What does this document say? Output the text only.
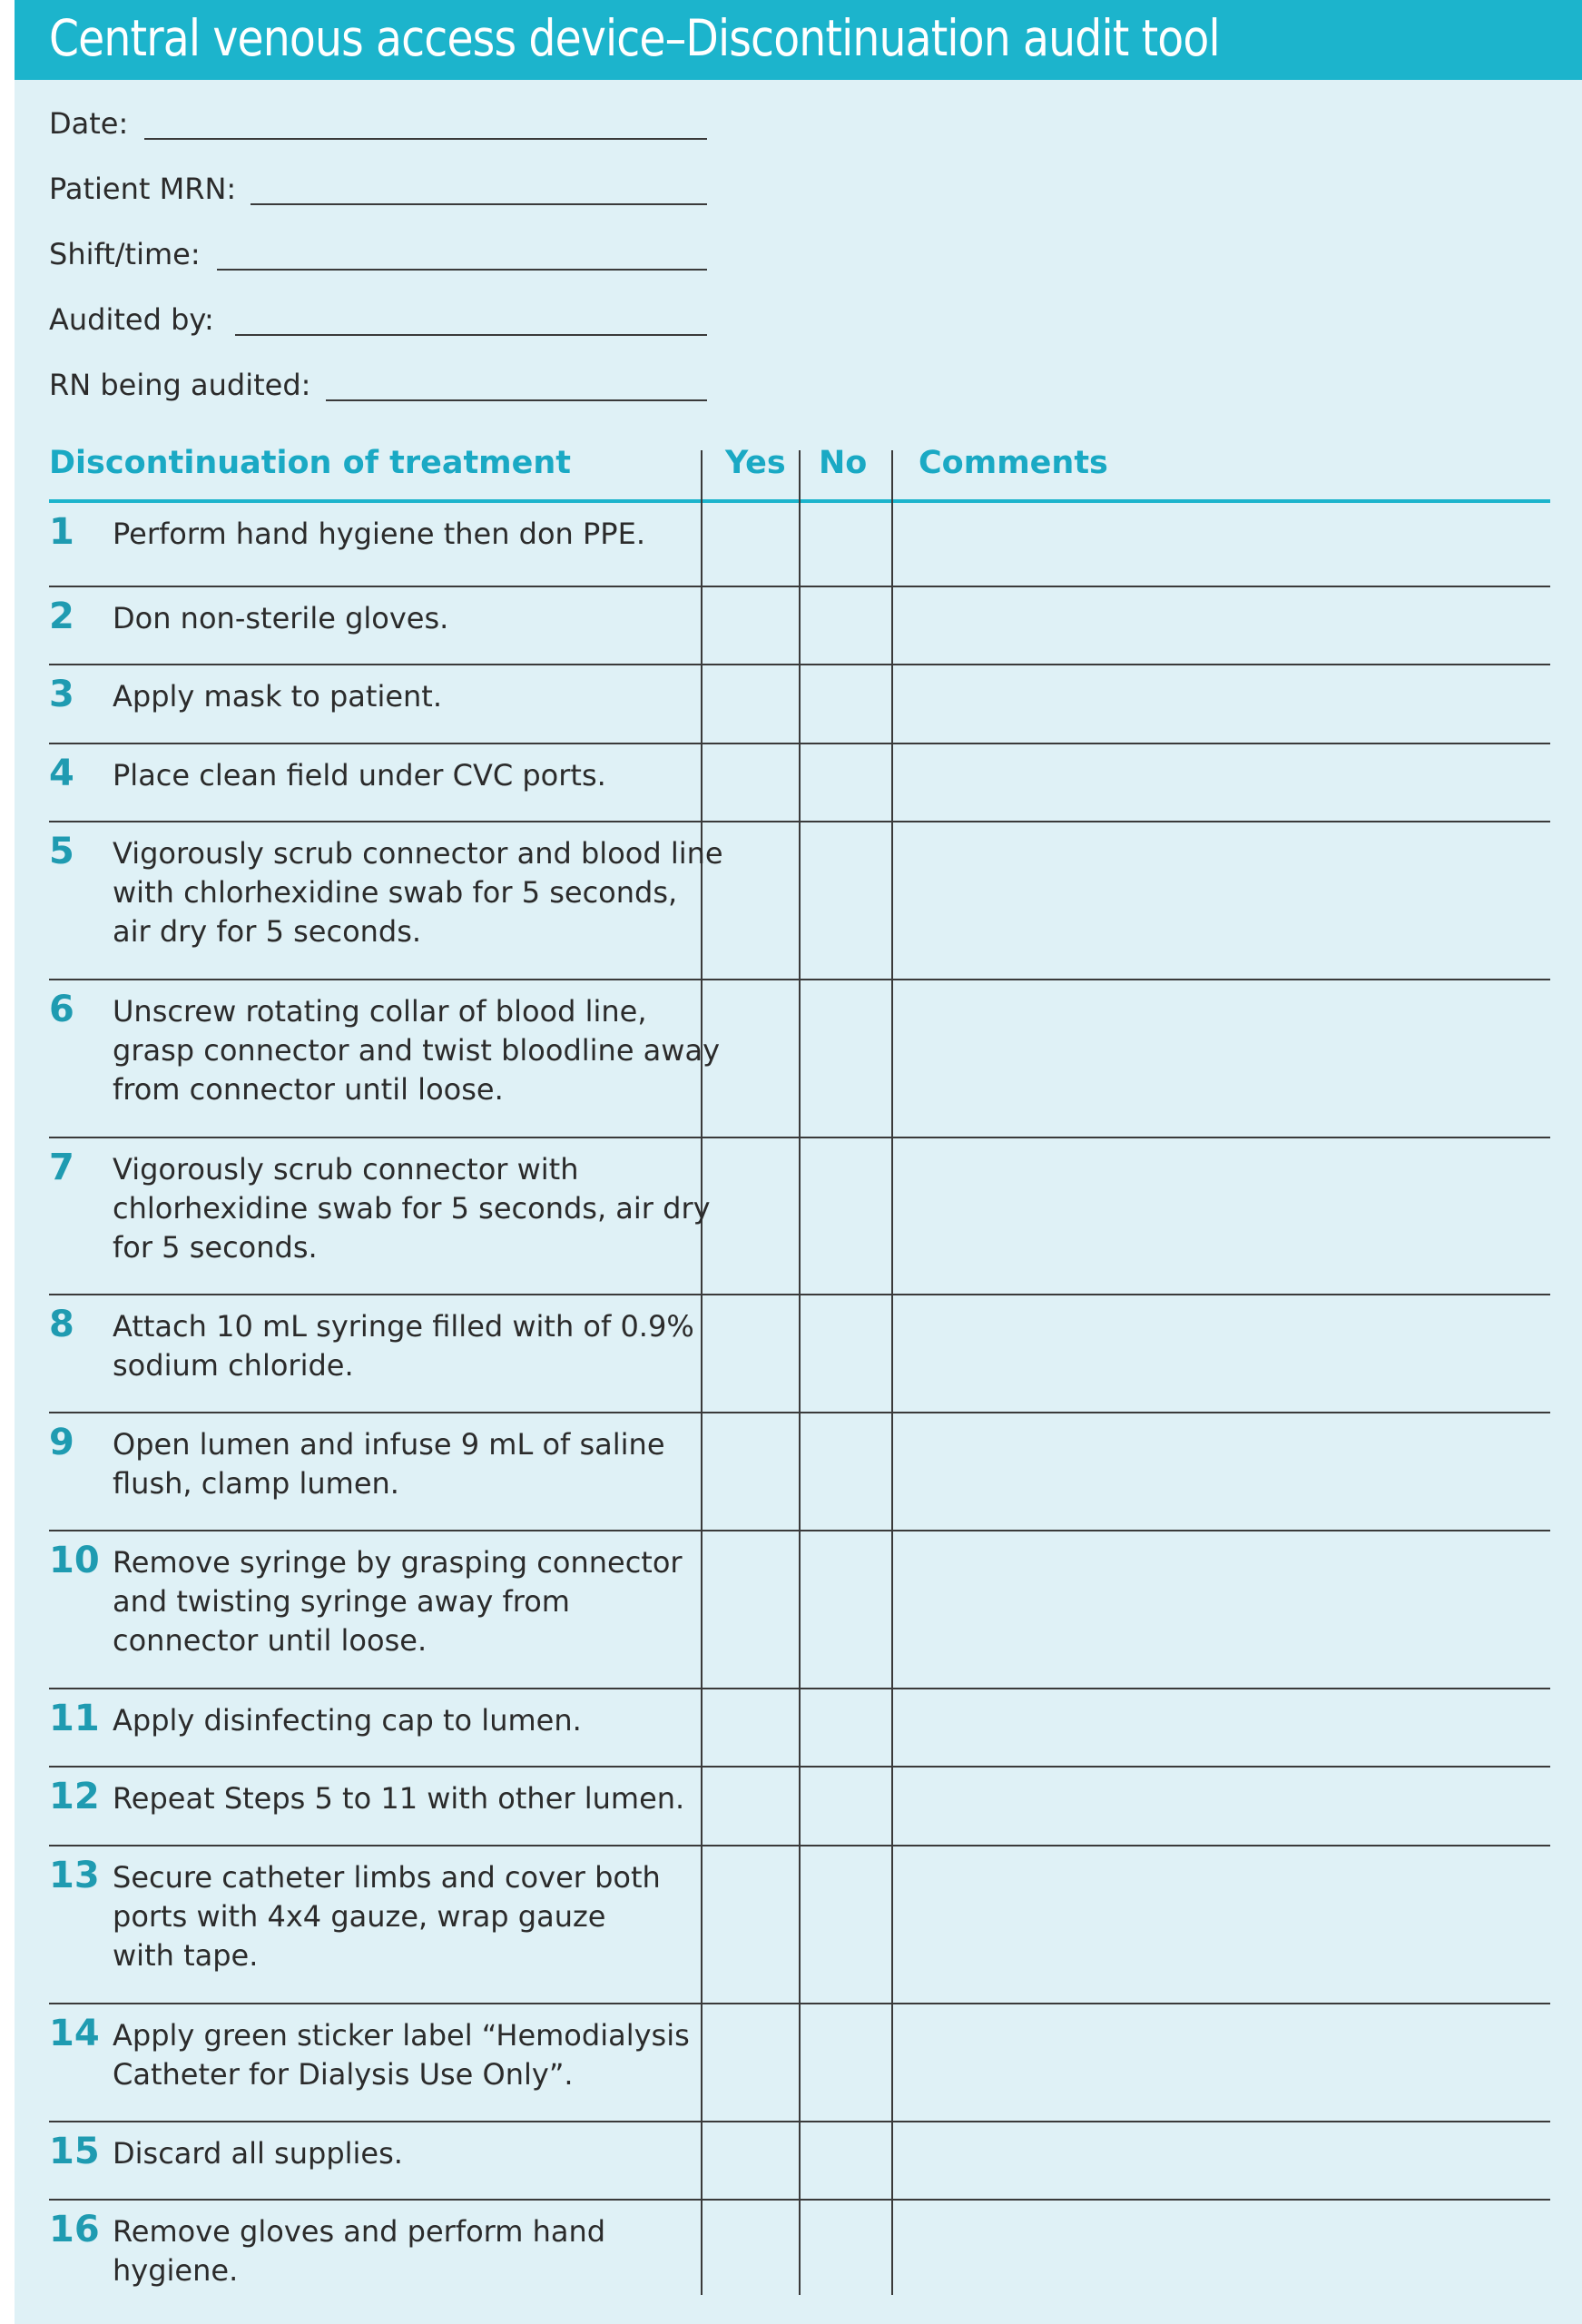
Central venous access device–Discontinuation audit tool
Date:
Patient MRN:
Shift/time:
Audited by:
RN being audited:
Discontinuation of treatment	Yes No Comments
1 Perform hand hygiene then don PPE.
2 Don non-sterile gloves.
3 Apply mask to patient.
4 Place clean field under CVC ports.
5 Vigorously scrub connector and blood line
with chlorhexidine swab for 5 seconds,
air dry for 5 seconds.
6 Unscrew rotating collar of blood line,
grasp connector and twist bloodline away
from connector until loose.
7 Vigorously scrub connector with
chlorhexidine swab for 5 seconds, air dry
for 5 seconds.
8 Attach 10 mL syringe filled with of 0.9%
sodium chloride.
9 Open lumen and infuse 9 mL of saline
flush, clamp lumen.
10 Remove syringe by grasping connector
and twisting syringe away from
connector until loose.
11 Apply disinfecting cap to lumen.
12 Repeat Steps 5 to 11 with other lumen.
13 Secure catheter limbs and cover both
ports with 4x4 gauze, wrap gauze
with tape.
14 Apply green sticker label “Hemodialysis
Catheter for Dialysis Use Only”.
15 Discard all supplies.
16 Remove gloves and perform hand
hygiene.
